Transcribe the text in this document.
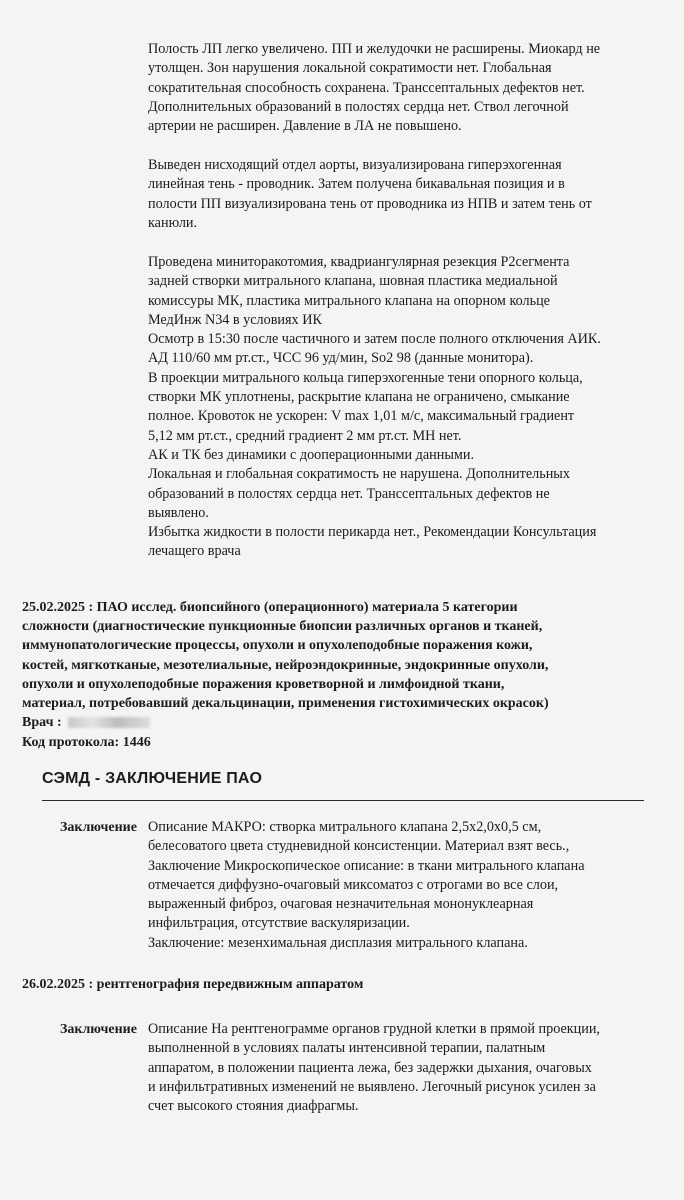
Полость ЛП легко увеличено. ПП и желудочки не расширены. Миокард не

утолщен. Зон нарушения локальной сократимости нет. Глобальная

сократительная способность сохранена. Транссептальных дефектов нет.

Дополнительных образований в полостях сердца нет. Ствол легочной

артерии не расширен. Давление в ЛА не повышено.

Выведен нисходящий отдел аорты, визуализирована гиперэхогенная

линейная тень - проводник. Затем получена бикавальная позиция и в

полости ПП визуализирована тень от проводника из НПВ и затем тень от

канюли.

Проведена миниторакотомия, квадриангулярная резекция Р2сегмента

задней створки митрального клапана, шовная пластика медиальной

комиссуры МК, пластика митрального клапана на опорном кольце

МедИнж N34 в условиях ИК

Осмотр в 15:30 после частичного и затем после полного отключения АИК.

АД 110/60 мм рт.ст., ЧСС 96 уд/мин, So2 98 (данные монитора).

В проекции митрального кольца гиперэхогенные тени опорного кольца,

створки МК уплотнены, раскрытие клапана не ограничено, смыкание

полное. Кровоток не ускорен: V max 1,01 м/с, максимальный градиент

5,12 мм рт.ст., средний градиент 2 мм рт.ст. МН нет.

АК и ТК без динамики с дооперационными данными.

Локальная и глобальная сократимость не нарушена. Дополнительных

образований в полостях сердца нет. Транссептальных дефектов не

выявлено.

Избытка жидкости в полости перикарда нет., Рекомендации Консультация

лечащего врача

25.02.2025 : ПАО исслед. биопсийного (операционного) материала 5 категории

сложности (диагностические пункционные биопсии различных органов и тканей,

иммунопатологические процессы, опухоли и опухолеподобные поражения кожи,

костей, мягкотканые, мезотелиальные, нейроэндокринные, эндокринные опухоли,

опухоли и опухолеподобные поражения кроветворной и лимфоидной ткани,

материал, потребовавший декальцинации, применения гистохимических окрасок)

Врач :
Код протокола: 1446
СЭМД - ЗАКЛЮЧЕНИЕ ПАО
Заключение Описание МАКРО: створка митрального клапана 2,5х2,0х0,5 см,

белесоватого цвета студневидной консистенции. Материал взят весь.,

Заключение Микроскопическое описание: в ткани митрального клапана

отмечается диффузно-очаговый миксоматоз с отрогами во все слои,

выраженный фиброз, очаговая незначительная мононуклеарная

инфильтрация, отсутствие васкуляризации.

Заключение: мезенхимальная дисплазия митрального клапана.

26.02.2025 : рентгенография передвижным аппаратом
Заключение Описание На рентгенограмме органов грудной клетки в прямой проекции,

выполненной в условиях палаты интенсивной терапии, палатным

аппаратом, в положении пациента лежа, без задержки дыхания, очаговых

и инфильтративных изменений не выявлено. Легочный рисунок усилен за

счет высокого стояния диафрагмы.
